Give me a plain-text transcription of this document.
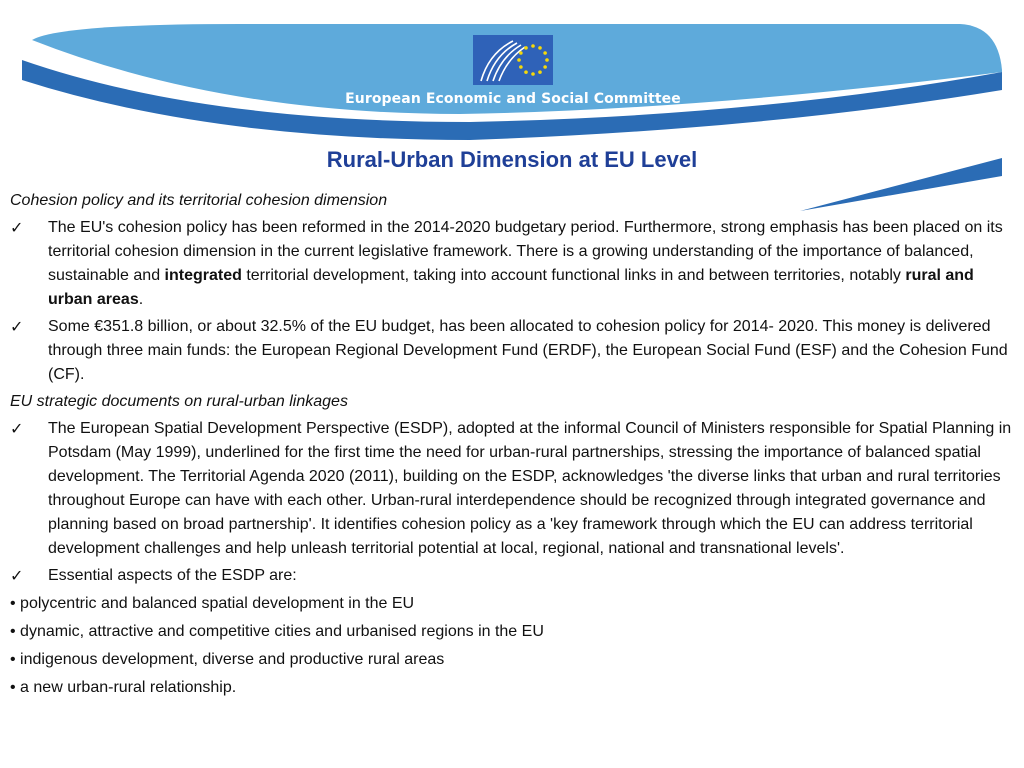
European Economic and Social Committee
Rural-Urban Dimension at EU Level

Cohesion policy and its territorial cohesion dimension

✓ The EU's cohesion policy has been reformed in the 2014-2020 budgetary period. Furthermore, strong emphasis has been placed on its territorial cohesion dimension in the current legislative framework. There is a growing understanding of the importance of balanced, sustainable and integrated territorial development, taking into account functional links in and between territories, notably rural and urban areas.
✓ Some €351.8 billion, or about 32.5% of the EU budget, has been allocated to cohesion policy for 2014- 2020. This money is delivered through three main funds: the European Regional Development Fund (ERDF), the European Social Fund (ESF) and the Cohesion Fund (CF).

EU strategic documents on rural-urban linkages

✓ The European Spatial Development Perspective (ESDP), adopted at the informal Council of Ministers responsible for Spatial Planning in Potsdam (May 1999), underlined for the first time the need for urban-rural partnerships, stressing the importance of balanced spatial development. The Territorial Agenda 2020 (2011), building on the ESDP, acknowledges 'the diverse links that urban and rural territories throughout Europe can have with each other. Urban-rural interdependence should be recognized through integrated governance and planning based on broad partnership'. It identifies cohesion policy as a 'key framework through which the EU can address territorial development challenges and help unleash territorial potential at local, regional, national and transnational levels'.
✓ Essential aspects of the ESDP are:
• polycentric and balanced spatial development in the EU
• dynamic, attractive and competitive cities and urbanised regions in the EU
• indigenous development, diverse and productive rural areas
• a new urban-rural relationship.
